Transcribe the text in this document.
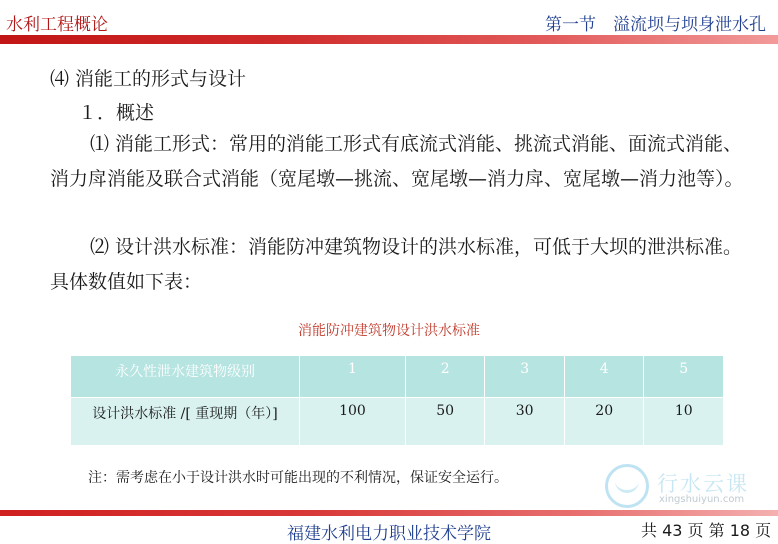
水利工程概论	第一节　溢流坝与坝身泄水孔
⑷ 消能工的形式与设计
１．概述
⑴ 消能工形式：常用的消能工形式有底流式消能、挑流式消能、面流式消能、消力戽消能及联合式消能（宽尾墩—挑流、宽尾墩—消力戽、宽尾墩—消力池等）。
⑵ 设计洪水标准：消能防冲建筑物设计的洪水标准，可低于大坝的泄洪标准。具体数值如下表：
消能防冲建筑物设计洪水标准
永久性泄水建筑物级别	1	2	3	4	5
设计洪水标准 /[ 重现期（年）]	100	50	30	20	10
注：需考虑在小于设计洪水时可能出现的不利情况，保证安全运行。	行水云课
xingshuiyun.com
福建水利电力职业技术学院	共 43 页 第 18 页
